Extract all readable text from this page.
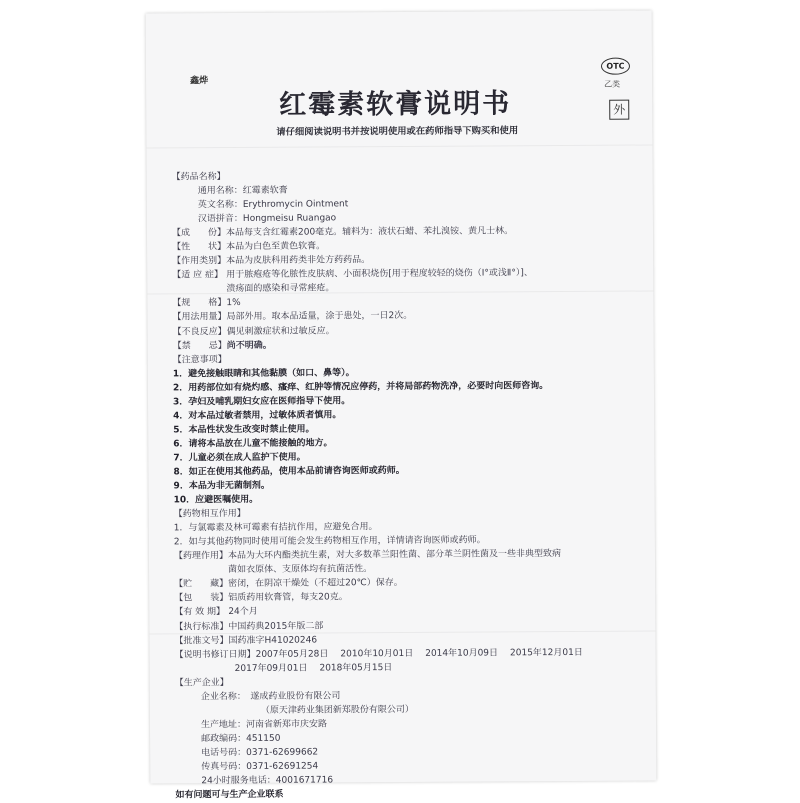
鑫烨
红霉素软膏说明书
OTC
乙类
外
请仔细阅读说明书并按说明使用或在药师指导下购买和使用
【药品名称】
通用名称：红霉素软膏
英文名称：Erythromycin Ointment
汉语拼音：Hongmeisu Ruangao
【成　　份】本品每支含红霉素200毫克。辅料为：液状石蜡、苯扎溴铵、黄凡士林。
【性　　状】本品为白色至黄色软膏。
【作用类别】本品为皮肤科用药类非处方药药品。
【适 应 症】 用于脓疱疮等化脓性皮肤病、小面积烧伤[用于程度较轻的烧伤（Ⅰ°或浅Ⅱ°）]、
溃疡面的感染和寻常痤疮。
【规　　格】1%
【用法用量】局部外用。取本品适量，涂于患处，一日2次。
【不良反应】偶见刺激症状和过敏反应。
【禁　　忌】尚不明确。
【注意事项】
1．避免接触眼睛和其他黏膜（如口、鼻等）。
2．用药部位如有烧灼感、瘙痒、红肿等情况应停药，并将局部药物洗净，必要时向医师咨询。
3．孕妇及哺乳期妇女应在医师指导下使用。
4．对本品过敏者禁用，过敏体质者慎用。
5．本品性状发生改变时禁止使用。
6．请将本品放在儿童不能接触的地方。
7．儿童必须在成人监护下使用。
8．如正在使用其他药品，使用本品前请咨询医师或药师。
9．本品为非无菌制剂。
10．应避医嘱使用。
【药物相互作用】
1．与氯霉素及林可霉素有拮抗作用，应避免合用。
2．如与其他药物同时使用可能会发生药物相互作用，详情请咨询医师或药师。
【药理作用】本品为大环内酯类抗生素，对大多数革兰阳性菌、部分革兰阴性菌及一些非典型致病
菌如衣原体、支原体均有抗菌活性。
【贮　　藏】密闭，在阴凉干燥处（不超过20℃）保存。
【包　　装】铝质药用软膏管，每支20克。
【有 效 期】 24个月
【执行标准】中国药典2015年版二部
【批准文号】国药准字H41020246
【说明书修订日期】2007年05月28日 2010年10月01日 2014年10月09日 2015年12月01日
2017年09月01日 2018年05月15日
【生产企业】
企业名称：　遂成药业股份有限公司
（原天津药业集团新郑股份有限公司）
生产地址：河南省新郑市庆安路
邮政编码：451150
电话号码：0371-62699662
传真号码：0371-62691254
24小时服务电话：4001671716
如有问题可与生产企业联系
